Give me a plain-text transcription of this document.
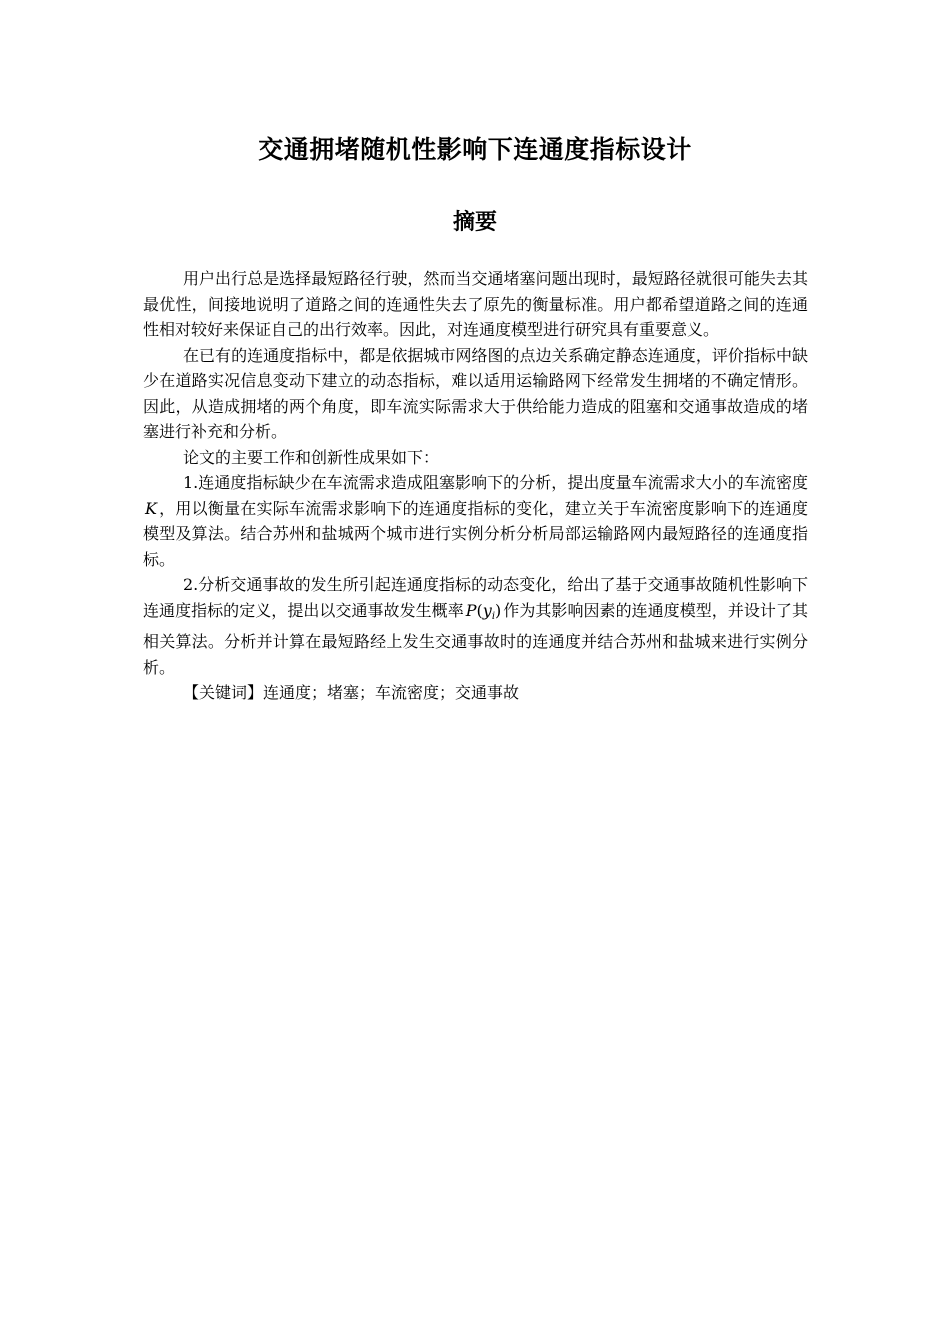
交通拥堵随机性影响下连通度指标设计
摘要

用户出行总是选择最短路径行驶，然而当交通堵塞问题出现时，最短路径就很可能失去其最优性，间接地说明了道路之间的连通性失去了原先的衡量标准。用户都希望道路之间的连通性相对较好来保证自己的出行效率。因此，对连通度模型进行研究具有重要意义。

在已有的连通度指标中，都是依据城市网络图的点边关系确定静态连通度，评价指标中缺少在道路实况信息变动下建立的动态指标，难以适用运输路网下经常发生拥堵的不确定情形。因此，从造成拥堵的两个角度，即车流实际需求大于供给能力造成的阻塞和交通事故造成的堵塞进行补充和分析。

论文的主要工作和创新性成果如下：

1.连通度指标缺少在车流需求造成阻塞影响下的分析，提出度量车流需求大小的车流密度K ，用以衡量在实际车流需求影响下的连通度指标的变化，建立关于车流密度影响下的连通度模型及算法。结合苏州和盐城两个城市进行实例分析分析局部运输路网内最短路径的连通度指标。

2.分析交通事故的发生所引起连通度指标的动态变化，给出了基于交通事故随机性影响下连通度指标的定义，提出以交通事故发生概率 $P(y_i)$ 作为其影响因素的连通度模型，并设计了其相关算法。分析并计算在最短路经上发生交通事故时的连通度并结合苏州和盐城来进行实例分析。

【关键词】连通度；堵塞；车流密度；交通事故
